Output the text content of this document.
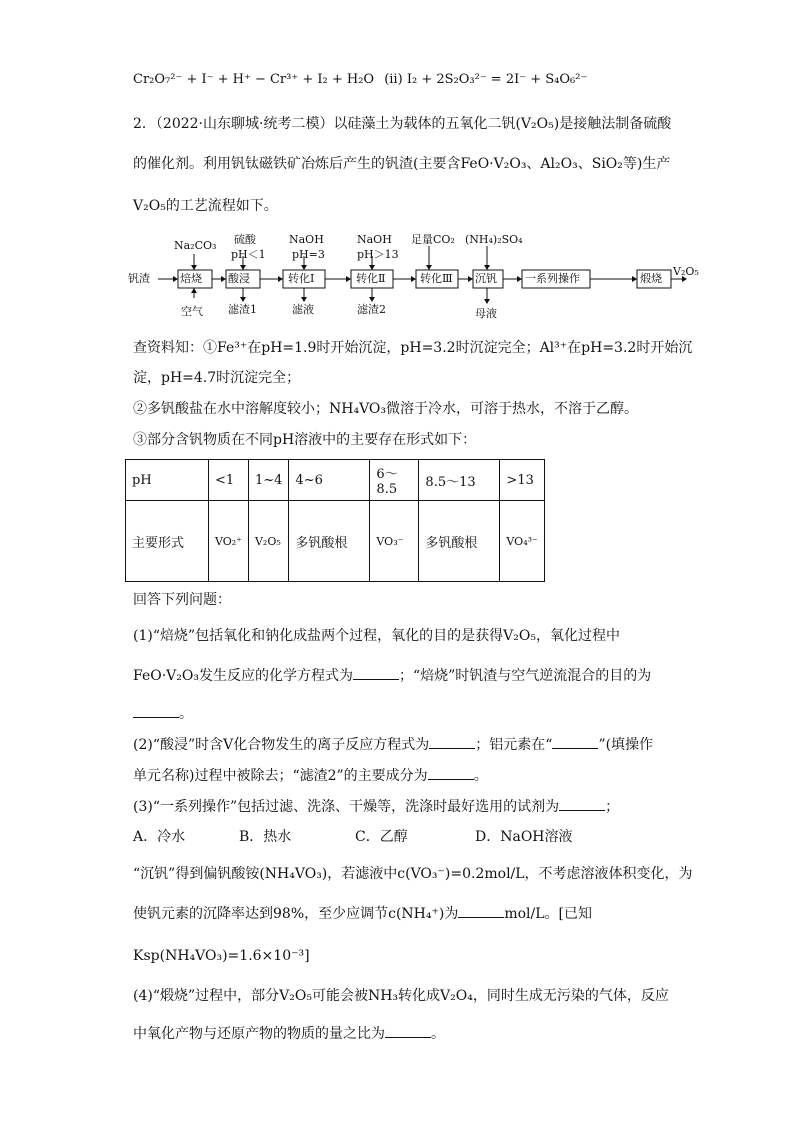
Cr₂O₇²⁻ + I⁻ + H⁺ − Cr³⁺ + I₂ + H₂O (ⅱ) I₂ + 2S₂O₃²⁻ = 2I⁻ + S₄O₆²⁻
2．（2022·山东聊城·统考二模）以硅藻土为载体的五氧化二钒(V₂O₅)是接触法制备硫酸
的催化剂。利用钒钛磁铁矿冶炼后产生的钒渣(主要含FeO·V₂O₃、Al₂O₃、SiO₂等)生产
V₂O₅的工艺流程如下。
钒渣	焙烧 酸浸	转化Ⅰ	转化Ⅱ	转化Ⅲ 沉钒	一系列操作	煅烧
V₂O₅
Na₂CO₃ 硫酸
pH＜1
NaOH
pH=3
NaOH
pH＞13
足量CO₂ (NH₄)₂SO₄
空气 滤渣1	滤液	滤渣2	母液
查资料知：①Fe³⁺在pH=1.9时开始沉淀，pH=3.2时沉淀完全；Al³⁺在pH=3.2时开始沉
淀，pH=4.7时沉淀完全；
②多钒酸盐在水中溶解度较小；NH₄VO₃微溶于冷水，可溶于热水，不溶于乙醇。
③部分含钒物质在不同pH溶液中的主要存在形式如下：
pH	<1	1~4	4~6	6～8.5	8.5～13	>13
主要形式	VO₂⁺	V₂O₅	多钒酸根	VO₃⁻	多钒酸根	VO₄³⁻
回答下列问题：
(1)“焙烧”包括氧化和钠化成盐两个过程，氧化的目的是获得V₂O₅，氧化过程中
FeO·V₂O₃发生反应的化学方程式为	；“焙烧”时钒渣与空气逆流混合的目的为
。
(2)“酸浸”时含V化合物发生的离子反应方程式为	；铝元素在“	”(填操作
单元名称)过程中被除去；“滤渣2”的主要成分为	。
(3)“一系列操作”包括过滤、洗涤、干燥等，洗涤时最好选用的试剂为	；
A．冷水	B．热水	C．乙醇	D．NaOH溶液
“沉钒”得到偏钒酸铵(NH₄VO₃)，若滤液中c(VO₃⁻)=0.2mol/L，不考虑溶液体积变化，为
使钒元素的沉降率达到98%，至少应调节c(NH₄⁺)为	mol/L。[已知
Ksp(NH₄VO₃)=1.6×10⁻³]
(4)“煅烧”过程中，部分V₂O₅可能会被NH₃转化成V₂O₄，同时生成无污染的气体，反应
中氧化产物与还原产物的物质的量之比为	。
